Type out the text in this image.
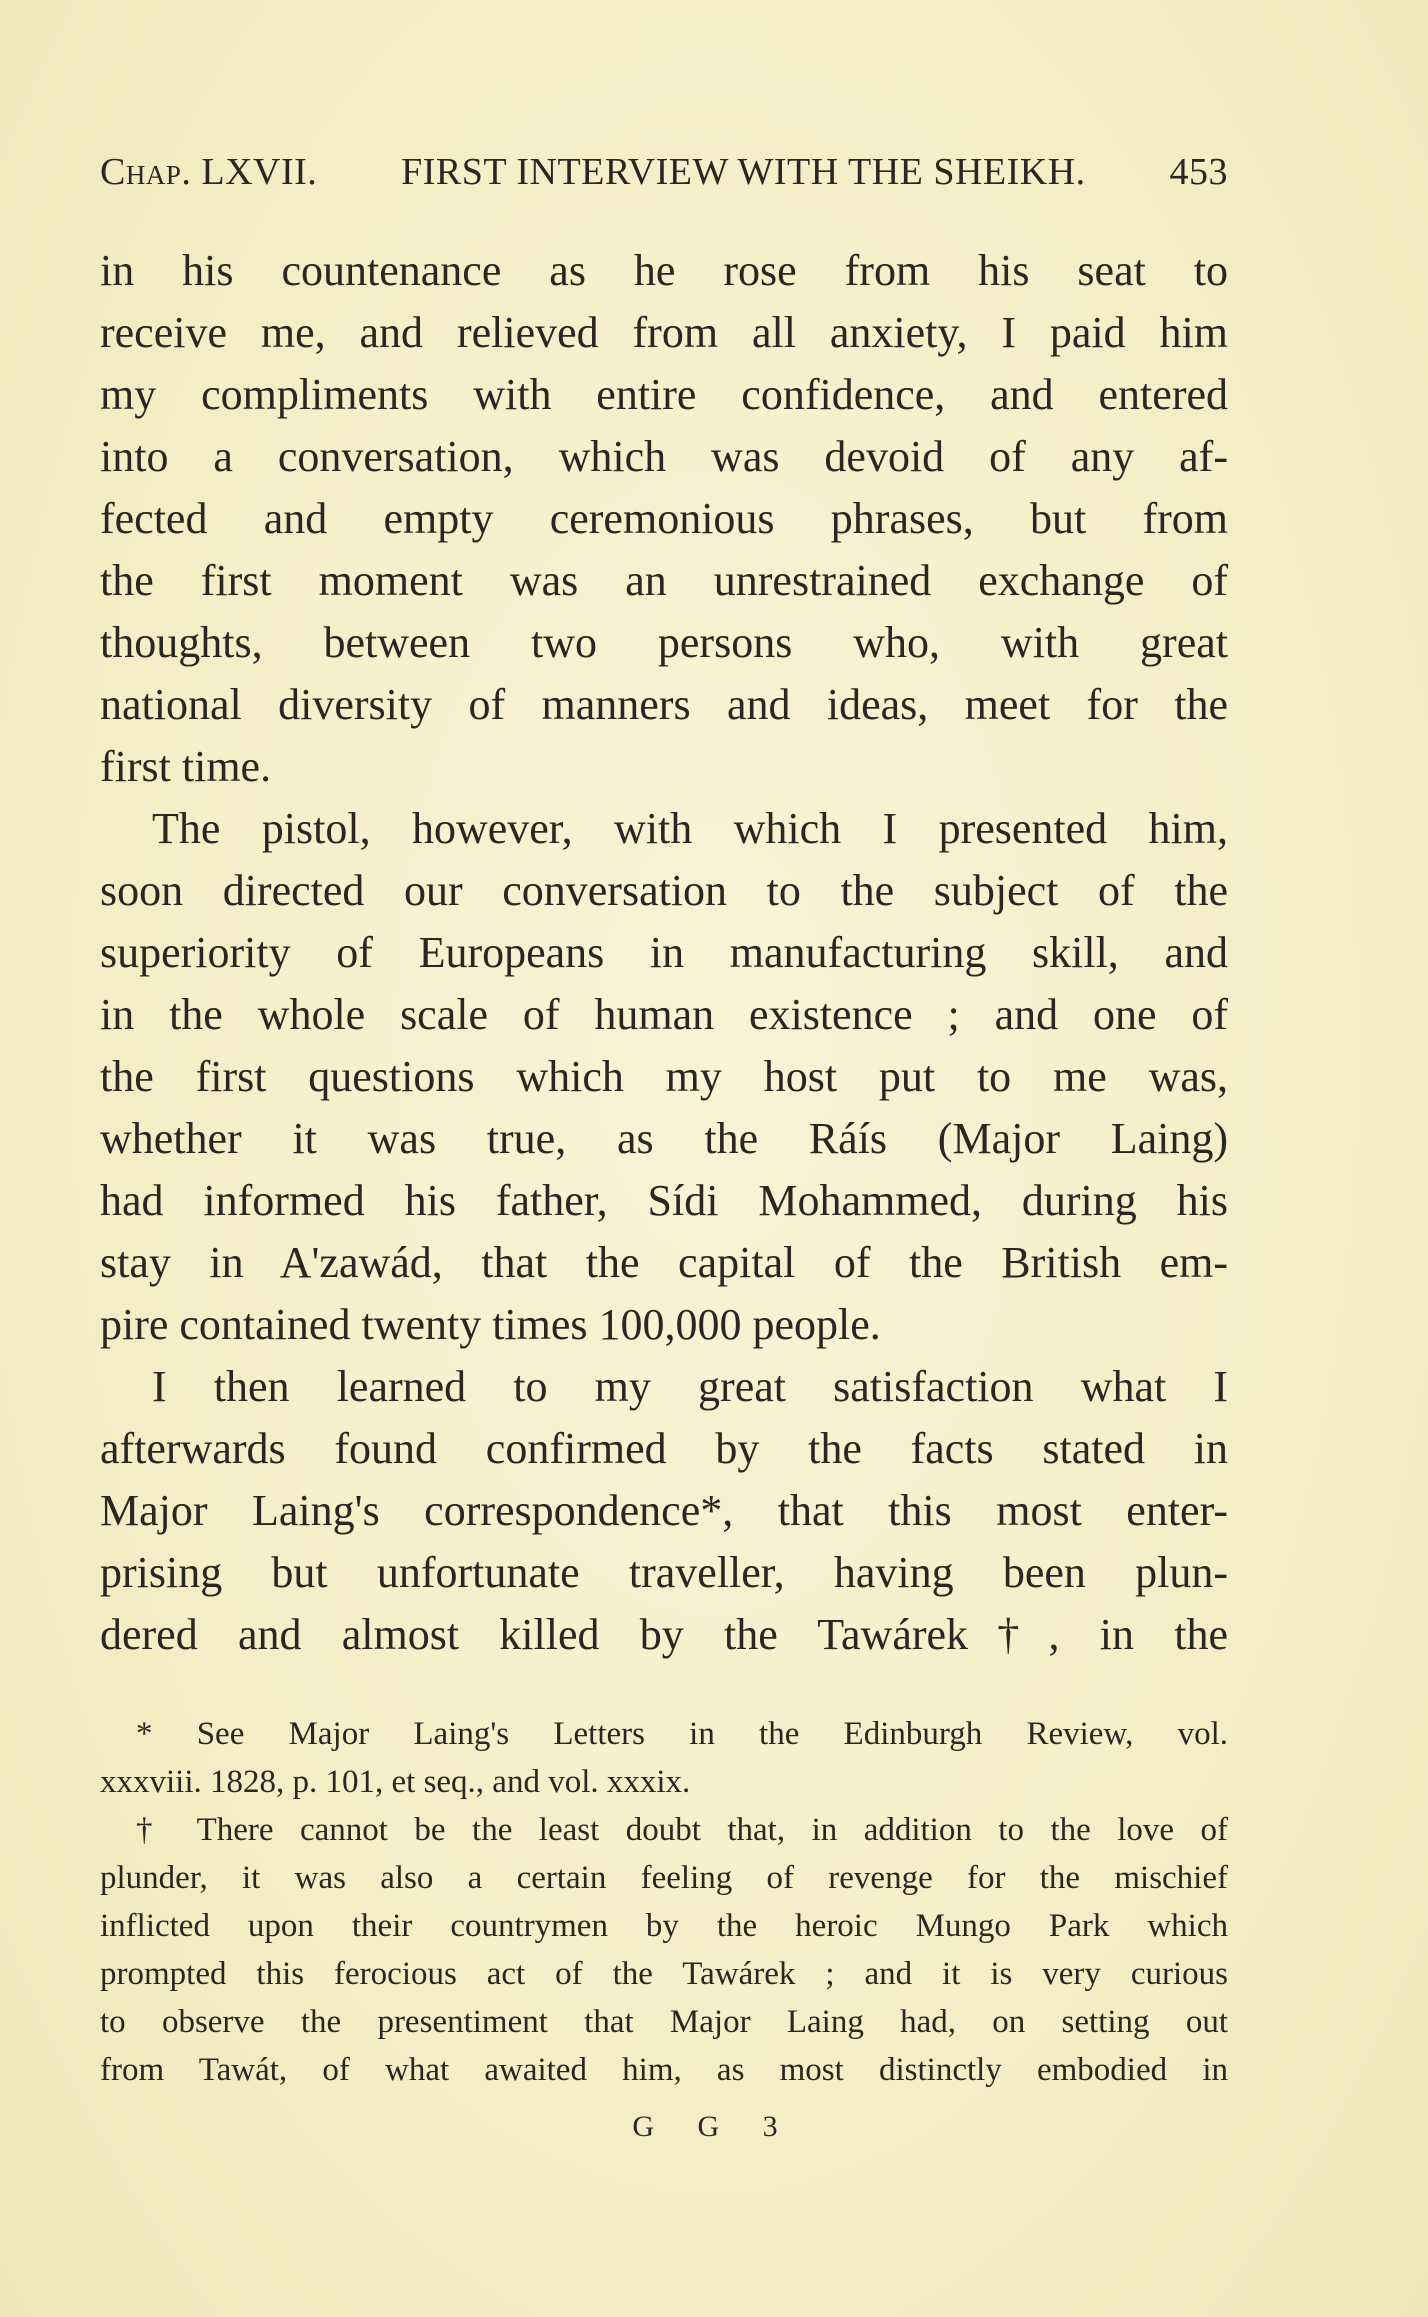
Chap. LXVII. FIRST INTERVIEW WITH THE SHEIKH. 453
in his countenance as he rose from his seat to
receive me, and relieved from all anxiety, I paid him
my compliments with entire confidence, and entered
into a conversation, which was devoid of any af-
fected and empty ceremonious phrases, but from
the first moment was an unrestrained exchange of
thoughts, between two persons who, with great
national diversity of manners and ideas, meet for the
first time.
The pistol, however, with which I presented him,
soon directed our conversation to the subject of the
superiority of Europeans in manufacturing skill, and
in the whole scale of human existence ; and one of
the first questions which my host put to me was,
whether it was true, as the Ráís (Major Laing)
had informed his father, Sídi Mohammed, during his
stay in A'zawád, that the capital of the British em-
pire contained twenty times 100,000 people.
I then learned to my great satisfaction what I
afterwards found confirmed by the facts stated in
Major Laing's correspondence*, that this most enter-
prising but unfortunate traveller, having been plun-
dered and almost killed by the Tawárek†, in the
* See Major Laing's Letters in the Edinburgh Review, vol.
xxxviii. 1828, p. 101, et seq., and vol. xxxix.
† There cannot be the least doubt that, in addition to the love of
plunder, it was also a certain feeling of revenge for the mischief
inflicted upon their countrymen by the heroic Mungo Park which
prompted this ferocious act of the Tawárek ; and it is very curious
to observe the presentiment that Major Laing had, on setting out
from Tawát, of what awaited him, as most distinctly embodied in
G G 3
